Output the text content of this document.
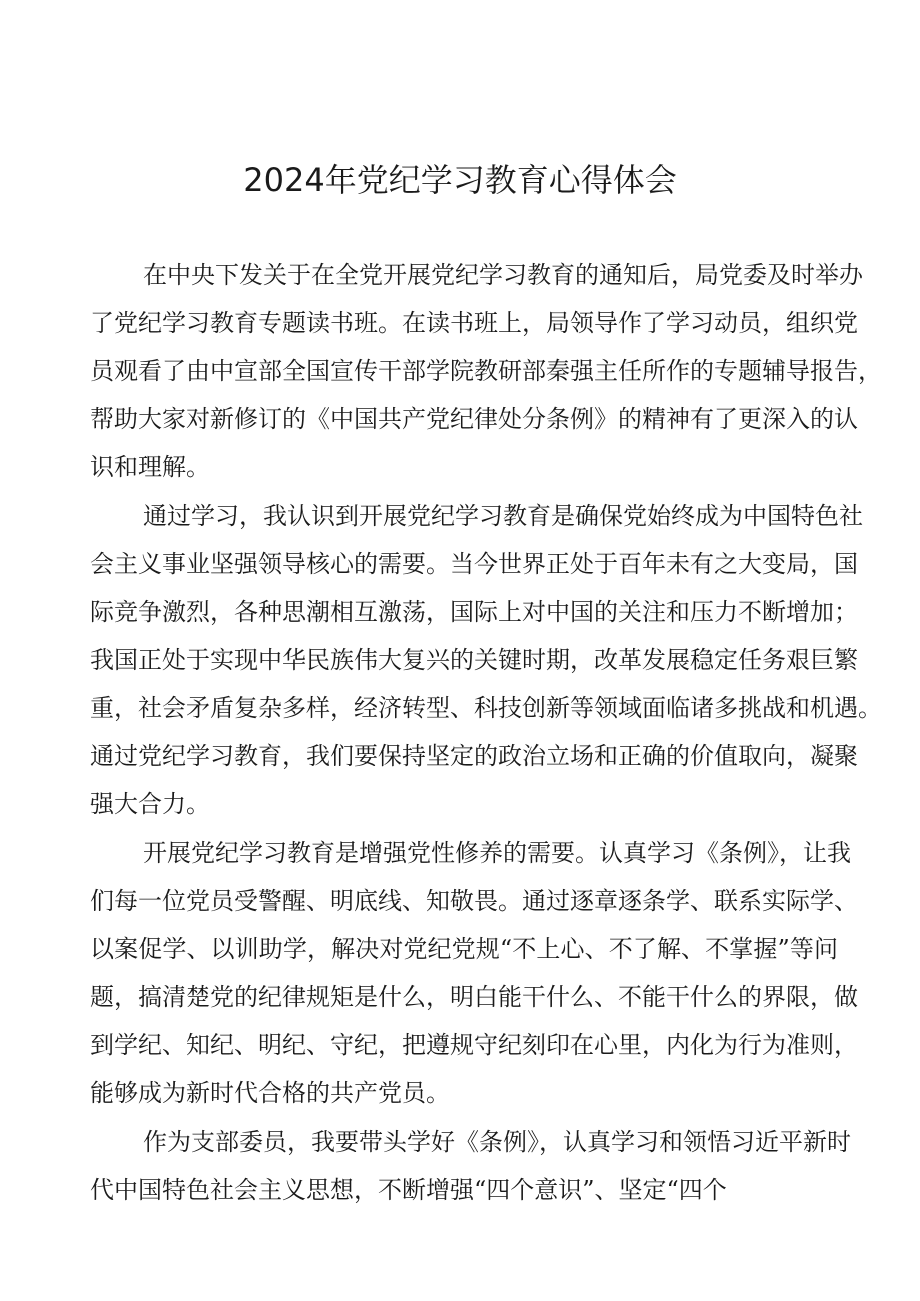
2024年党纪学习教育心得体会
在中央下发关于在全党开展党纪学习教育的通知后，局党委及时举办
了党纪学习教育专题读书班。在读书班上，局领导作了学习动员，组织党
员观看了由中宣部全国宣传干部学院教研部秦强主任所作的专题辅导报告，
帮助大家对新修订的《中国共产党纪律处分条例》的精神有了更深入的认
识和理解。
通过学习，我认识到开展党纪学习教育是确保党始终成为中国特色社
会主义事业坚强领导核心的需要。当今世界正处于百年未有之大变局，国
际竞争激烈，各种思潮相互激荡，国际上对中国的关注和压力不断增加；
我国正处于实现中华民族伟大复兴的关键时期，改革发展稳定任务艰巨繁
重，社会矛盾复杂多样，经济转型、科技创新等领域面临诸多挑战和机遇。
通过党纪学习教育，我们要保持坚定的政治立场和正确的价值取向，凝聚
强大合力。
开展党纪学习教育是增强党性修养的需要。认真学习《条例》，让我
们每一位党员受警醒、明底线、知敬畏。通过逐章逐条学、联系实际学、
以案促学、以训助学，解决对党纪党规“不上心、不了解、不掌握”等问
题，搞清楚党的纪律规矩是什么，明白能干什么、不能干什么的界限，做
到学纪、知纪、明纪、守纪，把遵规守纪刻印在心里，内化为行为准则，
能够成为新时代合格的共产党员。
作为支部委员，我要带头学好《条例》，认真学习和领悟习近平新时
代中国特色社会主义思想，不断增强“四个意识”、坚定“四个
